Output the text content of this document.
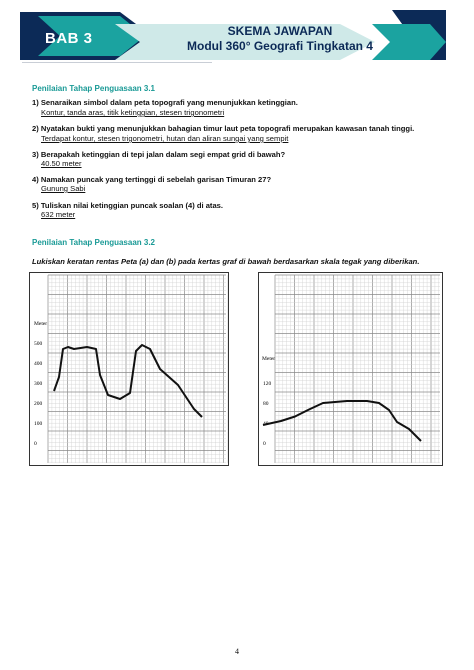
BAB 3	SKEMA JAWAPAN
Modul 360° Geografi Tingkatan 4
Penilaian Tahap Penguasaan 3.1
1) Senaraikan simbol dalam peta topografi yang menunjukkan ketinggian.
Kontur, tanda aras, titik ketinggian, stesen trigonometri
2) Nyatakan bukti yang menunjukkan bahagian timur laut peta topografi merupakan kawasan tanah tinggi.
Terdapat kontur, stesen trigonometri, hutan dan aliran sungai yang sempit
3) Berapakah ketinggian di tepi jalan dalam segi empat grid di bawah?
40.50 meter
4) Namakan puncak yang tertinggi di sebelah garisan Timuran 27?
Gunung Sabi
5) Tuliskan nilai ketinggian puncak soalan (4) di atas.
632 meter
Penilaian Tahap Penguasaan 3.2
Lukiskan keratan rentas Peta (a) dan (b) pada kertas graf di bawah berdasarkan skala tegak yang diberikan.
Meter
500
400
300
200
100
0
Meter
120
80
40
0
4
